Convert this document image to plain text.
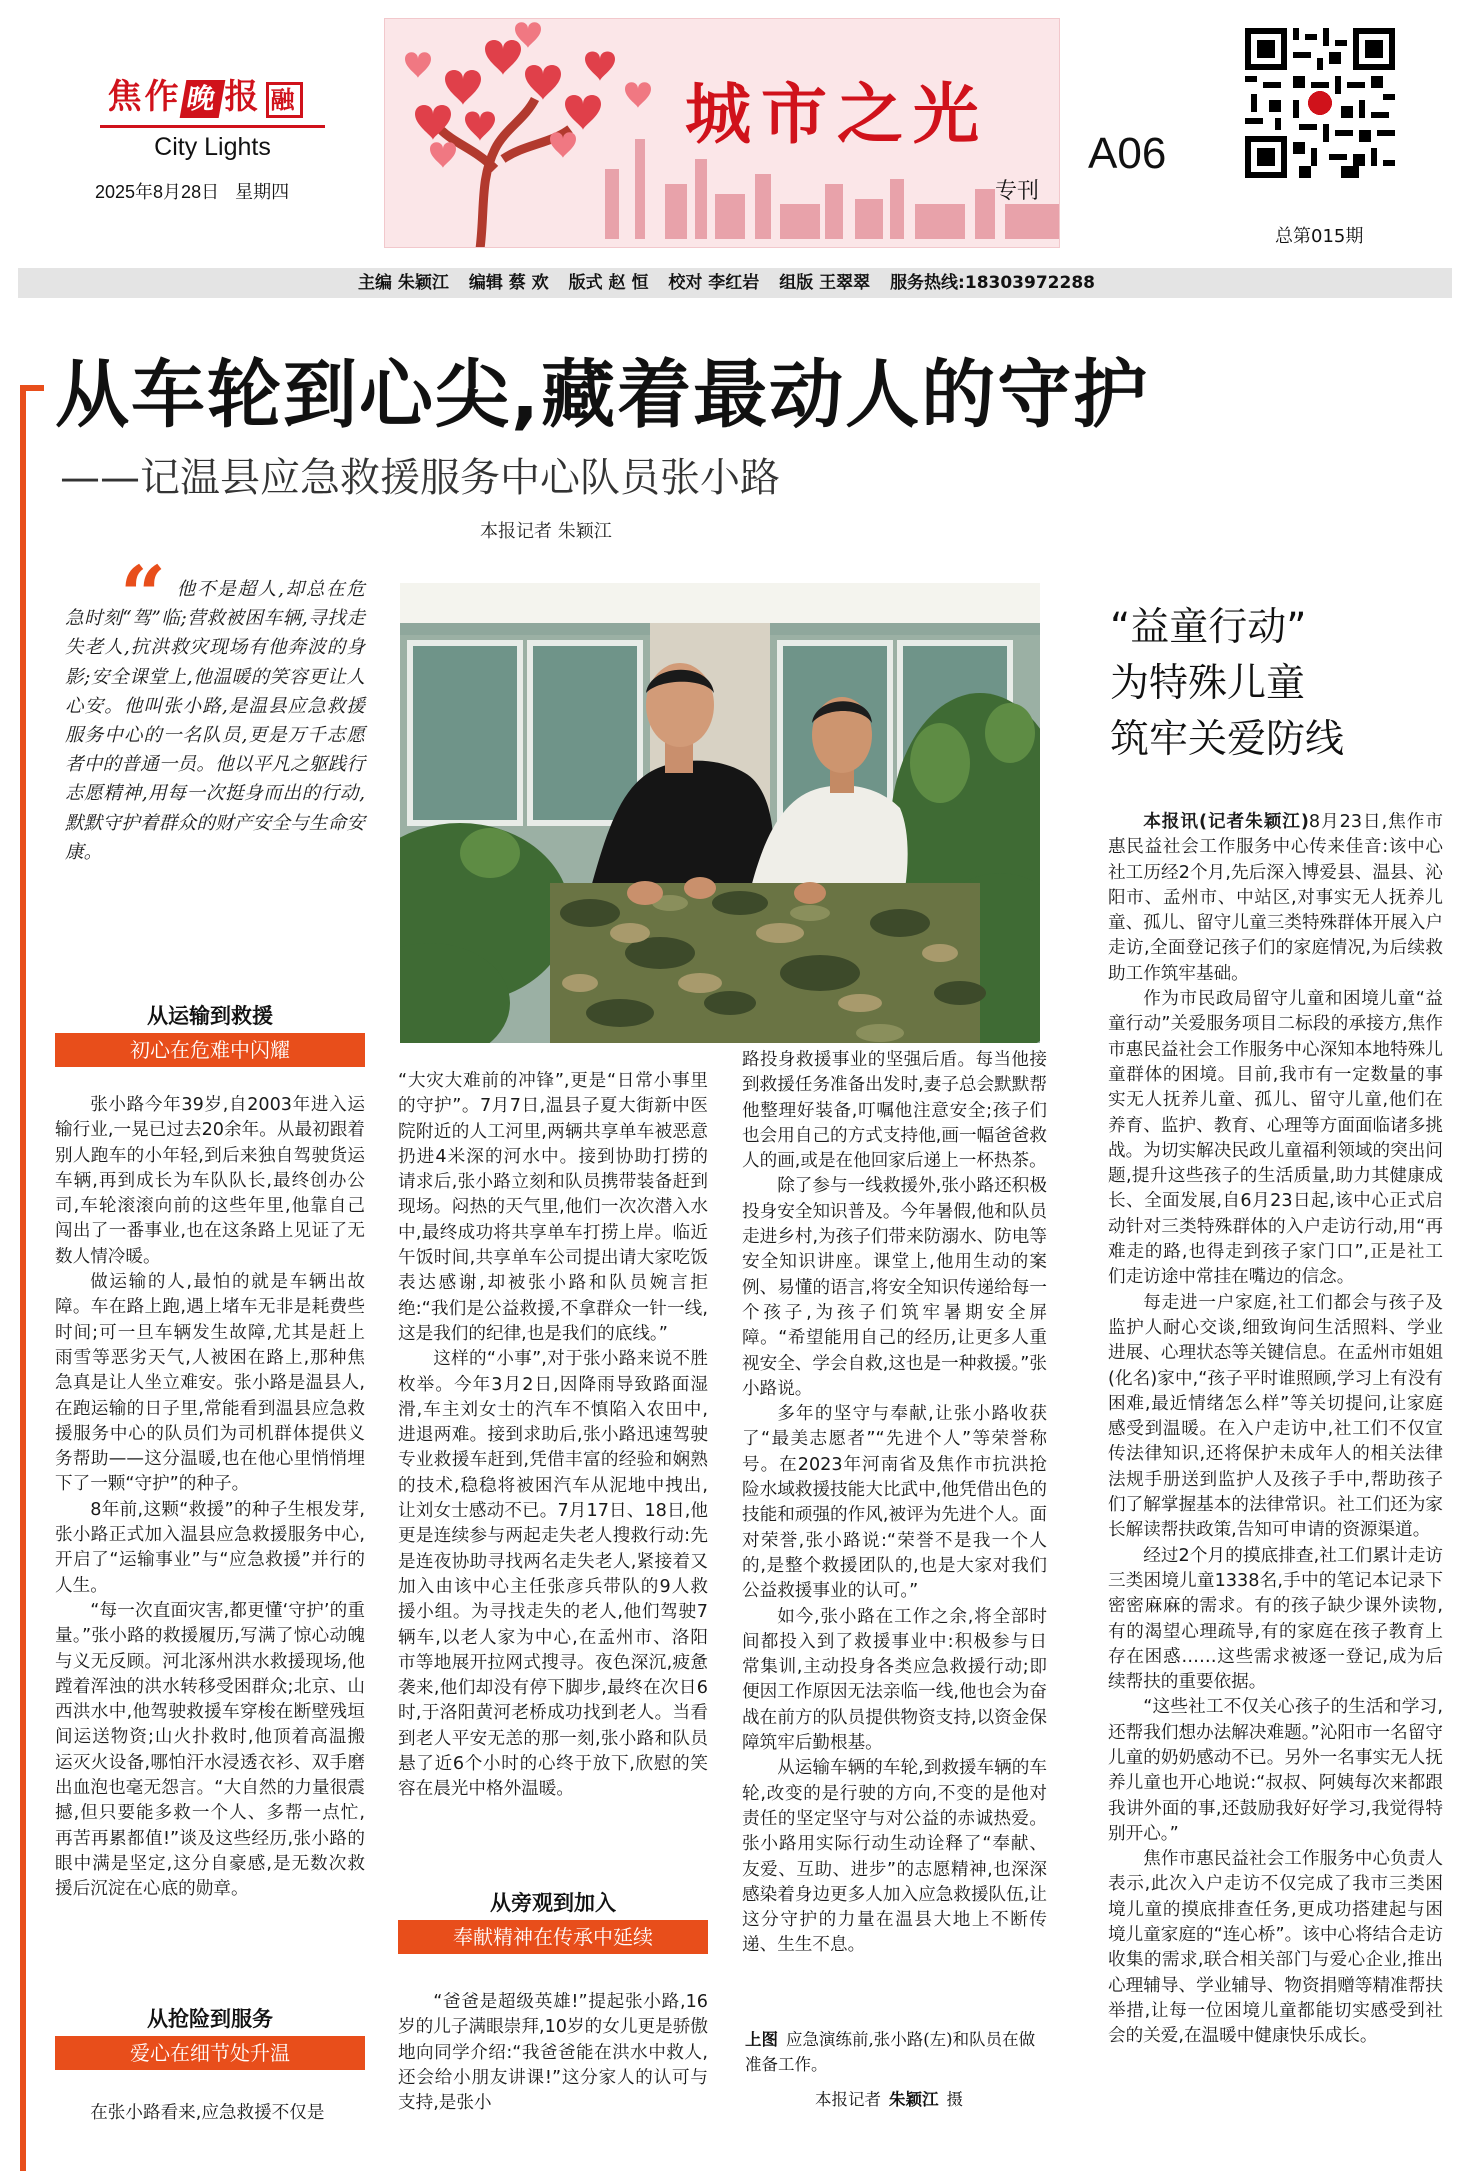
焦作 晚报 融
City Lights
2025年8月28日 星期四
城市之光
专刊
A06
总第015期
主编 朱颖江 编辑 蔡 欢 版式 赵 恒 校对 李红岩 组版 王翠翠 服务热线:18303972288
从车轮到心尖,藏着最动人的守护
——记温县应急救援服务中心队员张小路
本报记者 朱颖江
“ 他不是超人,却总在危急时刻“驾”临;营救被困车辆,寻找走失老人,抗洪救灾现场有他奔波的身影;安全课堂上,他温暖的笑容更让人心安。他叫张小路,是温县应急救援服务中心的一名队员,更是万千志愿者中的普通一员。他以平凡之躯践行志愿精神,用每一次挺身而出的行动,默默守护着群众的财产安全与生命安康。
从运输到救援
初心在危难中闪耀

张小路今年39岁,自2003年进入运输行业,一晃已过去20余年。从最初跟着别人跑车的小年轻,到后来独自驾驶货运车辆,再到成长为车队队长,最终创办公司,车轮滚滚向前的这些年里,他靠自己闯出了一番事业,也在这条路上见证了无数人情冷暖。

做运输的人,最怕的就是车辆出故障。车在路上跑,遇上堵车无非是耗费些时间;可一旦车辆发生故障,尤其是赶上雨雪等恶劣天气,人被困在路上,那种焦急真是让人坐立难安。张小路是温县人,在跑运输的日子里,常能看到温县应急救援服务中心的队员们为司机群体提供义务帮助——这分温暖,也在他心里悄悄埋下了一颗“守护”的种子。

8年前,这颗“救援”的种子生根发芽,张小路正式加入温县应急救援服务中心,开启了“运输事业”与“应急救援”并行的人生。

“每一次直面灾害,都更懂‘守护’的重量。”张小路的救援履历,写满了惊心动魄与义无反顾。河北涿州洪水救援现场,他蹚着浑浊的洪水转移受困群众;北京、山西洪水中,他驾驶救援车穿梭在断壁残垣间运送物资;山火扑救时,他顶着高温搬运灭火设备,哪怕汗水浸透衣衫、双手磨出血泡也毫无怨言。“大自然的力量很震撼,但只要能多救一个人、多帮一点忙,再苦再累都值!”谈及这些经历,张小路的眼中满是坚定,这分自豪感,是无数次救援后沉淀在心底的勋章。

从抢险到服务
爱心在细节处升温

在张小路看来,应急救援不仅是

“大灾大难前的冲锋”,更是“日常小事里的守护”。7月7日,温县子夏大街新中医院附近的人工河里,两辆共享单车被恶意扔进4米深的河水中。接到协助打捞的请求后,张小路立刻和队员携带装备赶到现场。闷热的天气里,他们一次次潜入水中,最终成功将共享单车打捞上岸。临近午饭时间,共享单车公司提出请大家吃饭表达感谢,却被张小路和队员婉言拒绝:“我们是公益救援,不拿群众一针一线,这是我们的纪律,也是我们的底线。”

这样的“小事”,对于张小路来说不胜枚举。今年3月2日,因降雨导致路面湿滑,车主刘女士的汽车不慎陷入农田中,进退两难。接到求助后,张小路迅速驾驶专业救援车赶到,凭借丰富的经验和娴熟的技术,稳稳将被困汽车从泥地中拽出,让刘女士感动不已。7月17日、18日,他更是连续参与两起走失老人搜救行动:先是连夜协助寻找两名走失老人,紧接着又加入由该中心主任张彦兵带队的9人救援小组。为寻找走失的老人,他们驾驶7辆车,以老人家为中心,在孟州市、洛阳市等地展开拉网式搜寻。夜色深沉,疲惫袭来,他们却没有停下脚步,最终在次日6时,于洛阳黄河老桥成功找到老人。当看到老人平安无恙的那一刻,张小路和队员悬了近6个小时的心终于放下,欣慰的笑容在晨光中格外温暖。

从旁观到加入
奉献精神在传承中延续

“爸爸是超级英雄!”提起张小路,16岁的儿子满眼崇拜,10岁的女儿更是骄傲地向同学介绍:“我爸爸能在洪水中救人,还会给小朋友讲课!”这分家人的认可与支持,是张小

路投身救援事业的坚强后盾。每当他接到救援任务准备出发时,妻子总会默默帮他整理好装备,叮嘱他注意安全;孩子们也会用自己的方式支持他,画一幅爸爸救人的画,或是在他回家后递上一杯热茶。

除了参与一线救援外,张小路还积极投身安全知识普及。今年暑假,他和队员走进乡村,为孩子们带来防溺水、防电等安全知识讲座。课堂上,他用生动的案例、易懂的语言,将安全知识传递给每一个孩子,为孩子们筑牢暑期安全屏障。“希望能用自己的经历,让更多人重视安全、学会自救,这也是一种救援。”张小路说。

多年的坚守与奉献,让张小路收获了“最美志愿者”“先进个人”等荣誉称号。在2023年河南省及焦作市抗洪抢险水域救援技能大比武中,他凭借出色的技能和顽强的作风,被评为先进个人。面对荣誉,张小路说:“荣誉不是我一个人的,是整个救援团队的,也是大家对我们公益救援事业的认可。”

如今,张小路在工作之余,将全部时间都投入到了救援事业中:积极参与日常集训,主动投身各类应急救援行动;即便因工作原因无法亲临一线,他也会为奋战在前方的队员提供物资支持,以资金保障筑牢后勤根基。

从运输车辆的车轮,到救援车辆的车轮,改变的是行驶的方向,不变的是他对责任的坚定坚守与对公益的赤诚热爱。张小路用实际行动生动诠释了“奉献、友爱、互助、进步”的志愿精神,也深深感染着身边更多人加入应急救援队伍,让这分守护的力量在温县大地上不断传递、生生不息。

上图 应急演练前,张小路(左)和队员在做准备工作。
本报记者 朱颖江 摄
“益童行动”
为特殊儿童
筑牢关爱防线

本报讯(记者朱颖江)8月23日,焦作市惠民益社会工作服务中心传来佳音:该中心社工历经2个月,先后深入博爱县、温县、沁阳市、孟州市、中站区,对事实无人抚养儿童、孤儿、留守儿童三类特殊群体开展入户走访,全面登记孩子们的家庭情况,为后续救助工作筑牢基础。

作为市民政局留守儿童和困境儿童“益童行动”关爱服务项目二标段的承接方,焦作市惠民益社会工作服务中心深知本地特殊儿童群体的困境。目前,我市有一定数量的事实无人抚养儿童、孤儿、留守儿童,他们在养育、监护、教育、心理等方面面临诸多挑战。为切实解决民政儿童福利领域的突出问题,提升这些孩子的生活质量,助力其健康成长、全面发展,自6月23日起,该中心正式启动针对三类特殊群体的入户走访行动,用“再难走的路,也得走到孩子家门口”,正是社工们走访途中常挂在嘴边的信念。

每走进一户家庭,社工们都会与孩子及监护人耐心交谈,细致询问生活照料、学业进展、心理状态等关键信息。在孟州市姐姐(化名)家中,“孩子平时谁照顾,学习上有没有困难,最近情绪怎么样”等关切提问,让家庭感受到温暖。在入户走访中,社工们不仅宣传法律知识,还将保护未成年人的相关法律法规手册送到监护人及孩子手中,帮助孩子们了解掌握基本的法律常识。社工们还为家长解读帮扶政策,告知可申请的资源渠道。

经过2个月的摸底排查,社工们累计走访三类困境儿童1338名,手中的笔记本记录下密密麻麻的需求。有的孩子缺少课外读物,有的渴望心理疏导,有的家庭在孩子教育上存在困惑……这些需求被逐一登记,成为后续帮扶的重要依据。

“这些社工不仅关心孩子的生活和学习,还帮我们想办法解决难题。”沁阳市一名留守儿童的奶奶感动不已。另外一名事实无人抚养儿童也开心地说:“叔叔、阿姨每次来都跟我讲外面的事,还鼓励我好好学习,我觉得特别开心。”

焦作市惠民益社会工作服务中心负责人表示,此次入户走访不仅完成了我市三类困境儿童的摸底排查任务,更成功搭建起与困境儿童家庭的“连心桥”。该中心将结合走访收集的需求,联合相关部门与爱心企业,推出心理辅导、学业辅导、物资捐赠等精准帮扶举措,让每一位困境儿童都能切实感受到社会的关爱,在温暖中健康快乐成长。
